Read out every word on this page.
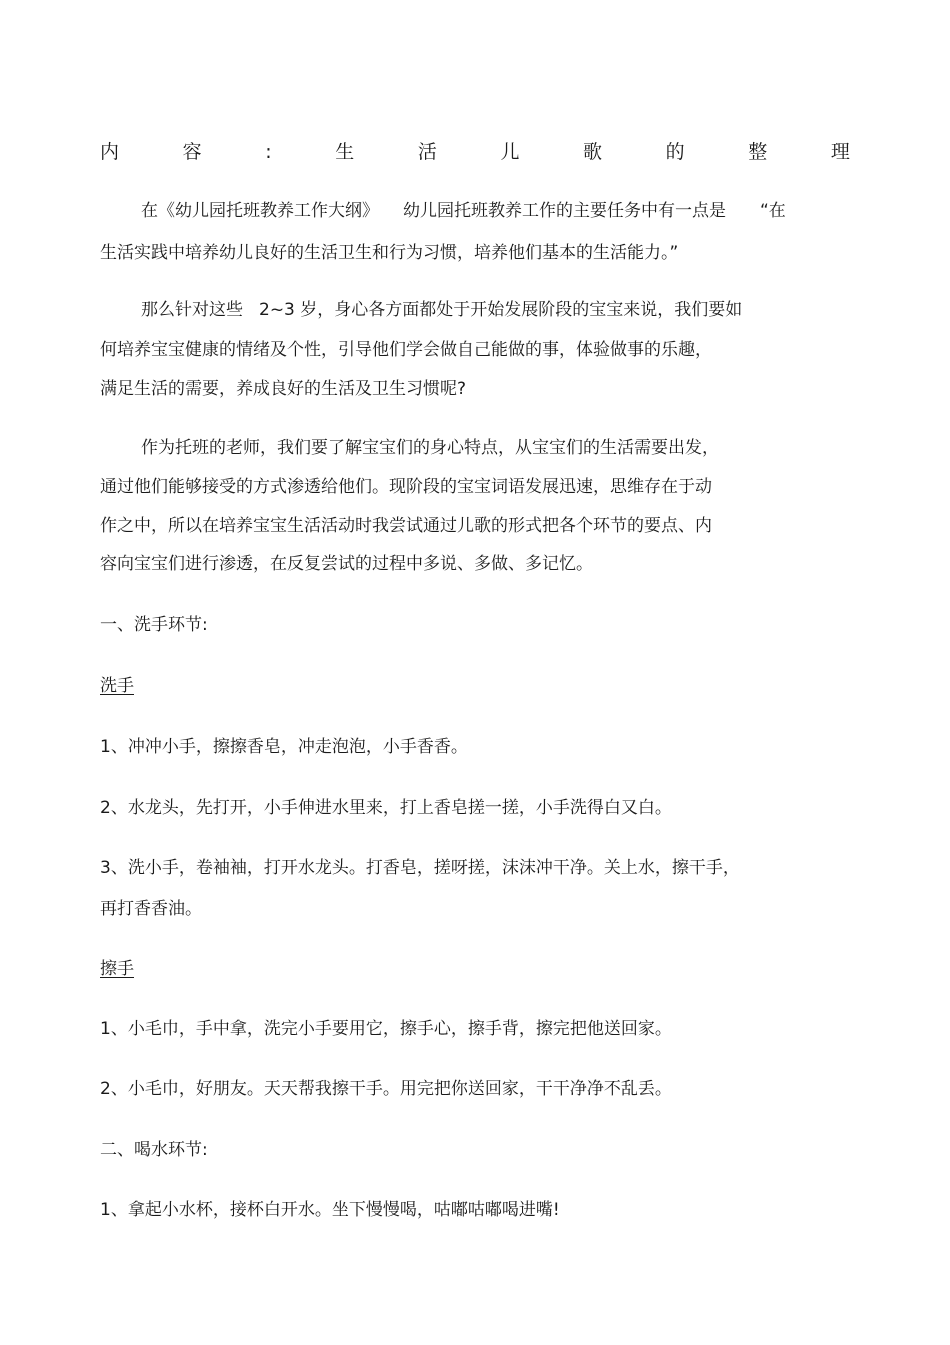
内	容	:	生	活	儿	歌	的	整	理
在《幼儿园托班教养工作大纲》 幼儿园托班教养工作的主要任务中有一点是 “在
生活实践中培养幼儿良好的生活卫生和行为习惯，培养他们基本的生活能力。”
那么针对这些 2~3 岁，身心各方面都处于开始发展阶段的宝宝来说，我们要如
何培养宝宝健康的情绪及个性，引导他们学会做自己能做的事，体验做事的乐趣，
满足生活的需要，养成良好的生活及卫生习惯呢?
作为托班的老师，我们要了解宝宝们的身心特点，从宝宝们的生活需要出发，
通过他们能够接受的方式渗透给他们。现阶段的宝宝词语发展迅速，思维存在于动
作之中，所以在培养宝宝生活活动时我尝试通过儿歌的形式把各个环节的要点、内
容向宝宝们进行渗透，在反复尝试的过程中多说、多做、多记忆。
一、洗手环节:
洗手
1、冲冲小手，擦擦香皂，冲走泡泡，小手香香。
2、水龙头，先打开，小手伸进水里来，打上香皂搓一搓，小手洗得白又白。
3、洗小手，卷袖袖，打开水龙头。打香皂，搓呀搓，沫沫冲干净。关上水，擦干手，
再打香香油。
擦手
1、小毛巾，手中拿，洗完小手要用它，擦手心，擦手背，擦完把他送回家。
2、小毛巾，好朋友。天天帮我擦干手。用完把你送回家，干干净净不乱丢。
二、喝水环节:
1、拿起小水杯，接杯白开水。坐下慢慢喝，咕嘟咕嘟喝进嘴!
